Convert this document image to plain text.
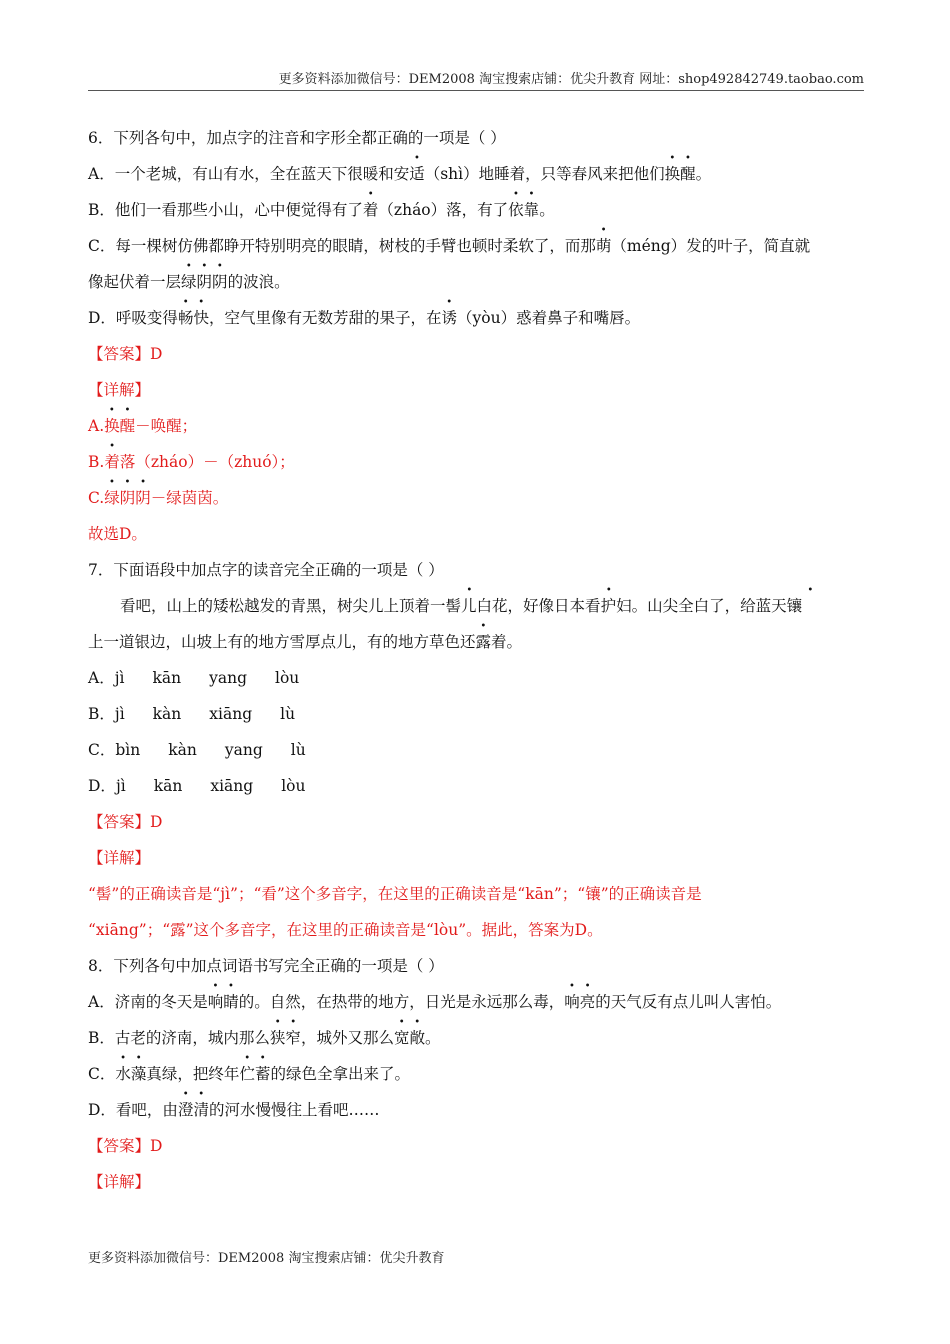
更多资料添加微信号：DEM2008 淘宝搜索店铺：优尖升教育 网址：shop492842749.taobao.com
6．下列各句中，加点字的注音和字形全都正确的一项是（ ）
A．一个老城，有山有水，全在蓝天下很暖和安适（shì）地睡着，只等春风来把他们换醒。
B．他们一看那些小山，心中便觉得有了着（zháo）落，有了依靠。
C．每一棵树仿佛都睁开特别明亮的眼睛，树枝的手臂也顿时柔软了，而那萌（méng）发的叶子，简直就
像起伏着一层绿阴阴的波浪。
D．呼吸变得畅快，空气里像有无数芳甜的果子，在诱（yòu）惑着鼻子和嘴唇。
【答案】D
【详解】
A.换醒－唤醒；
B.着落（zháo）－（zhuó）；
C.绿阴阴－绿茵茵。
故选D。
7．下面语段中加点字的读音完全正确的一项是（ ）
看吧，山上的矮松越发的青黑，树尖儿上顶着一髻儿白花，好像日本看护妇。山尖全白了，给蓝天镶
上一道银边，山坡上有的地方雪厚点儿，有的地方草色还露着。
A．jì kān yang lòu
B．jì kàn xiāng lù
C．bìn kàn yang lù
D．jì kān xiāng lòu
【答案】D
【详解】
“髻”的正确读音是“jì”；“看”这个多音字，在这里的正确读音是“kān”；“镶”的正确读音是
“xiāng”；“露”这个多音字，在这里的正确读音是“lòu”。据此，答案为D。
8．下列各句中加点词语书写完全正确的一项是（ ）
A．济南的冬天是响睛的。自然，在热带的地方，日光是永远那么毒，响亮的天气反有点儿叫人害怕。
B．古老的济南，城内那么狭窄，城外又那么宽敞。
C．水藻真绿，把终年伫蓄的绿色全拿出来了。
D．看吧，由澄清的河水慢慢往上看吧……
【答案】D
【详解】
更多资料添加微信号：DEM2008 淘宝搜索店铺：优尖升教育
